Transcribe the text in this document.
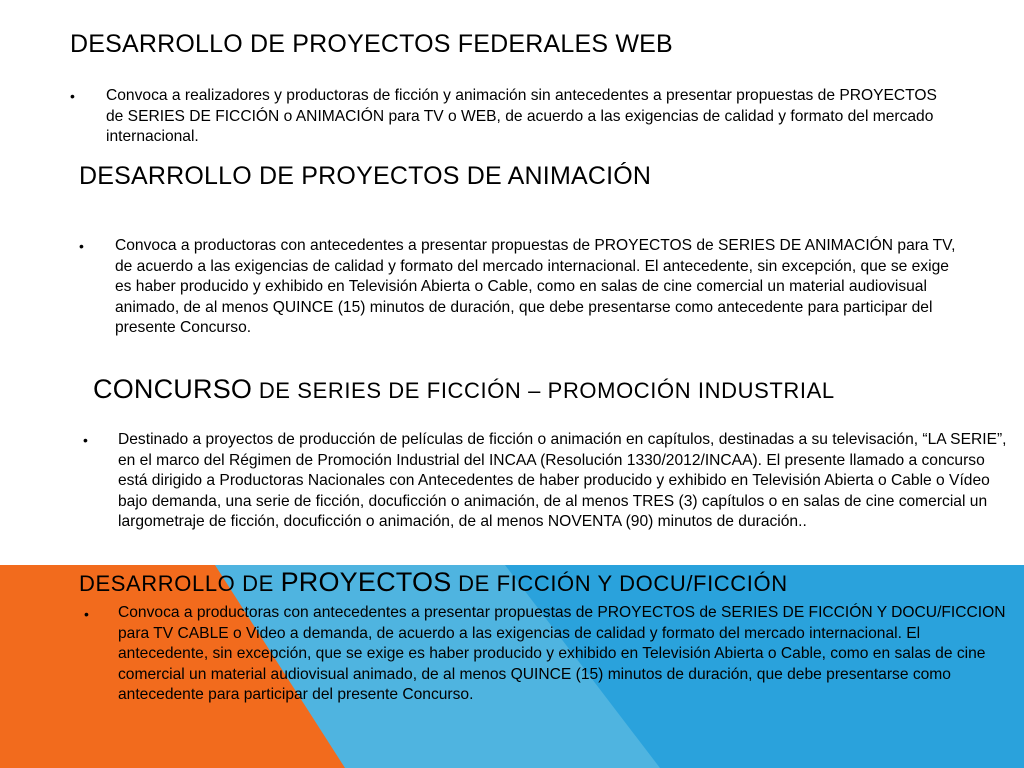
DESARROLLO DE PROYECTOS FEDERALES WEB
• Convoca a realizadores y productoras de ficción y animación sin antecedentes a presentar propuestas de PROYECTOS de SERIES DE FICCIÓN o ANIMACIÓN para TV o WEB, de acuerdo a las exigencias de calidad y formato del mercado internacional.

DESARROLLO DE PROYECTOS DE ANIMACIÓN
• Convoca a productoras con antecedentes a presentar propuestas de PROYECTOS de SERIES DE ANIMACIÓN para TV, de acuerdo a las exigencias de calidad y formato del mercado internacional. El antecedente, sin excepción, que se exige es haber producido y exhibido en Televisión Abierta o Cable, como en salas de cine comercial un material audiovisual animado, de al menos QUINCE (15) minutos de duración, que debe presentarse como antecedente para participar del presente Concurso.

CONCURSO DE SERIES DE FICCIÓN – PROMOCIÓN INDUSTRIAL
• Destinado a proyectos de producción de películas de ficción o animación en capítulos, destinadas a su televisación, “LA SERIE”, en el marco del Régimen de Promoción Industrial del INCAA (Resolución 1330/2012/INCAA). El presente llamado a concurso está dirigido a Productoras Nacionales con Antecedentes de haber producido y exhibido en Televisión Abierta o Cable o Vídeo bajo demanda, una serie de ficción, docuficción o animación, de al menos TRES (3) capítulos o en salas de cine comercial un largometraje de ficción, docuficción o animación, de al menos NOVENTA (90) minutos de duración..

DESARROLLO DE PROYECTOS DE FICCIÓN Y DOCU/FICCIÓN
• Convoca a productoras con antecedentes a presentar propuestas de PROYECTOS de SERIES DE FICCIÓN Y DOCU/FICCION para TV CABLE o Video a demanda, de acuerdo a las exigencias de calidad y formato del mercado internacional. El antecedente, sin excepción, que se exige es haber producido y exhibido en Televisión Abierta o Cable, como en salas de cine comercial un material audiovisual animado, de al menos QUINCE (15) minutos de duración, que debe presentarse como antecedente para participar del presente Concurso.
